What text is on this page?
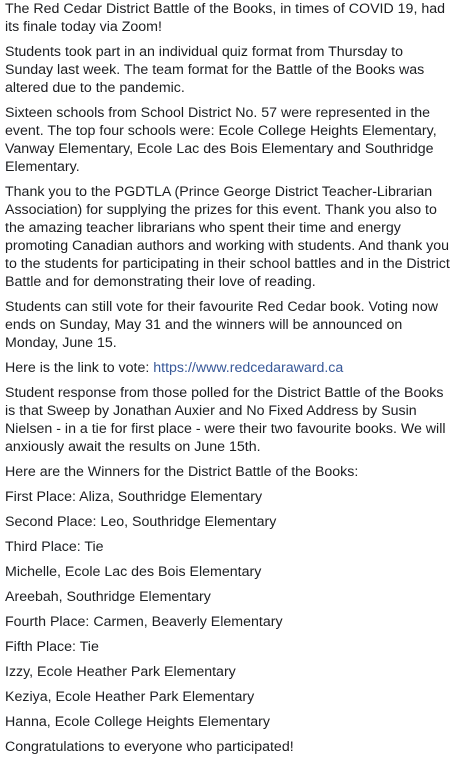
The Red Cedar District Battle of the Books, in times of COVID 19, had its finale today via Zoom!
Students took part in an individual quiz format from Thursday to Sunday last week. The team format for the Battle of the Books was altered due to the pandemic.
Sixteen schools from School District No. 57 were represented in the event. The top four schools were: Ecole College Heights Elementary, Vanway Elementary, Ecole Lac des Bois Elementary and Southridge Elementary.
Thank you to the PGDTLA (Prince George District Teacher-Librarian Association) for supplying the prizes for this event. Thank you also to the amazing teacher librarians who spent their time and energy promoting Canadian authors and working with students. And thank you to the students for participating in their school battles and in the District Battle and for demonstrating their love of reading.
Students can still vote for their favourite Red Cedar book. Voting now ends on Sunday, May 31 and the winners will be announced on Monday, June 15.
Here is the link to vote: https://www.redcedaraward.ca
Student response from those polled for the District Battle of the Books is that Sweep by Jonathan Auxier and No Fixed Address by Susin Nielsen - in a tie for first place - were their two favourite books. We will anxiously await the results on June 15th.
Here are the Winners for the District Battle of the Books:
First Place: Aliza, Southridge Elementary
Second Place: Leo, Southridge Elementary
Third Place: Tie
Michelle, Ecole Lac des Bois Elementary
Areebah, Southridge Elementary
Fourth Place: Carmen, Beaverly Elementary
Fifth Place: Tie
Izzy, Ecole Heather Park Elementary
Keziya, Ecole Heather Park Elementary
Hanna, Ecole College Heights Elementary
Congratulations to everyone who participated!
